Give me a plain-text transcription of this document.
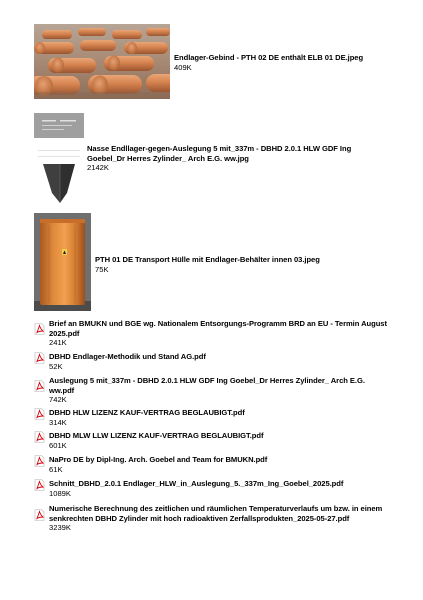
Endlager-Gebind - PTH 02 DE enthält ELB 01 DE.jpeg
409K
Nasse Endllager-gegen-Auslegung 5 mit_337m - DBHD 2.0.1 HLW GDF Ing Goebel_Dr Herres Zylinder_ Arch E.G. ww.jpg
2142K
PTH 01 DE Transport Hülle mit Endlager-Behälter innen 03.jpeg
75K
Brief an BMUKN und BGE wg. Nationalem Entsorgungs-Programm BRD an EU - Termin August 2025.pdf
241K
DBHD Endlager-Methodik und Stand AG.pdf
52K
Auslegung 5 mit_337m - DBHD 2.0.1 HLW GDF Ing Goebel_Dr Herres Zylinder_ Arch E.G. ww.pdf
742K
DBHD HLW LIZENZ KAUF-VERTRAG BEGLAUBIGT.pdf
314K
DBHD MLW LLW LIZENZ KAUF-VERTRAG BEGLAUBIGT.pdf
601K
NaPro DE by Dipl-Ing. Arch. Goebel and Team for BMUKN.pdf
61K
Schnitt_DBHD_2.0.1 Endlager_HLW_in_Auslegung_5._337m_Ing_Goebel_2025.pdf
1089K
Numerische Berechnung des zeitlichen und räumlichen Temperaturverlaufs um bzw. in einem senkrechten DBHD Zylinder mit hoch radioaktiven Zerfallsprodukten_2025-05-27.pdf
3239K
